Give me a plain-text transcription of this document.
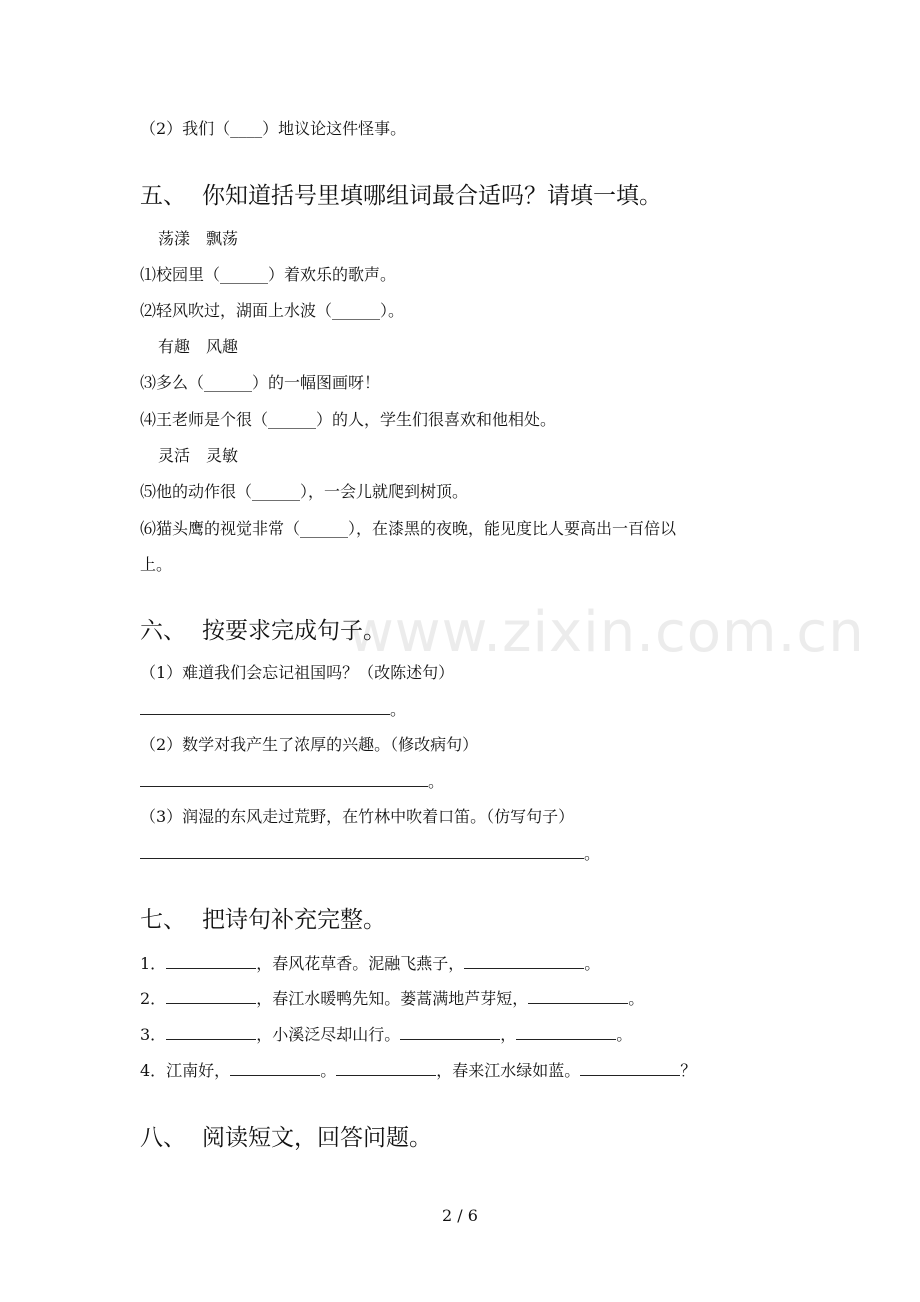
www.zixin.com.cn
（2）我们（____）地议论这件怪事。
五、 你知道括号里填哪组词最合适吗？请填一填。
荡漾　飘荡
⑴校园里（______）着欢乐的歌声。
⑵轻风吹过，湖面上水波（______）。
有趣　风趣
⑶多么（______）的一幅图画呀！
⑷王老师是个很（______）的人，学生们很喜欢和他相处。
灵活　灵敏
⑸他的动作很（______），一会儿就爬到树顶。
⑹猫头鹰的视觉非常（______），在漆黑的夜晚，能见度比人要高出一百倍以
上。
六、 按要求完成句子。
（1）难道我们会忘记祖国吗？（改陈述句）
。
（2）数学对我产生了浓厚的兴趣。（修改病句）
。
（3）润湿的东风走过荒野，在竹林中吹着口笛。（仿写句子）
。
七、 把诗句补充完整。
1．	，春风花草香。泥融飞燕子，	。
2．	，春江水暖鸭先知。蒌蒿满地芦芽短，	。
3．	，小溪泛尽却山行。	，	。
4．江南好，	。	，春来江水绿如蓝。	？
八、 阅读短文，回答问题。
2 / 6
